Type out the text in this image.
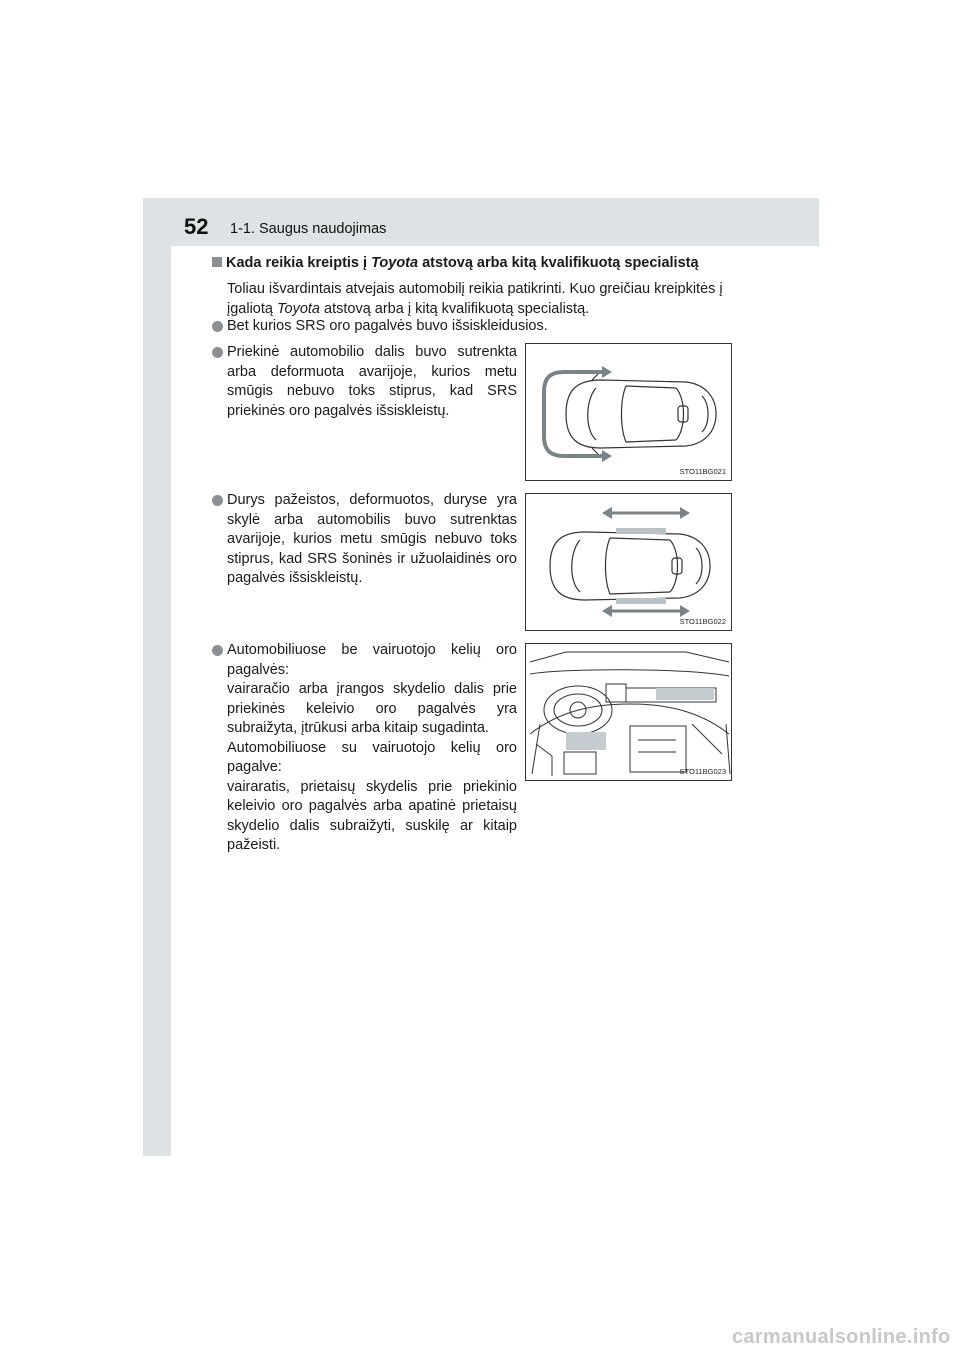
52 1-1. Saugus naudojimas
Kada reikia kreiptis į Toyota atstovą arba kitą kvalifikuotą specialistą
Toliau išvardintais atvejais automobilį reikia patikrinti. Kuo greičiau kreipkitės į
įgaliotą Toyota atstovą arba į kitą kvalifikuotą specialistą.
Bet kurios SRS oro pagalvės buvo išsiskleidusios.
Priekinė automobilio dalis buvo sutrenkta arba deformuota avarijoje, kurios metu smūgis nebuvo toks stiprus, kad SRS priekinės oro pagalvės išsiskleistų.
Durys pažeistos, deformuotos, duryse yra skylė arba automobilis buvo sutrenktas avarijoje, kurios metu smūgis nebuvo toks stiprus, kad SRS šoninės ir užuolaidinės oro pagalvės išsiskleistų.
Automobiliuose be vairuotojo kelių oro pagalvės:
vairaračio arba įrangos skydelio dalis prie priekinės keleivio oro pagalvės yra subraižyta, įtrūkusi arba kitaip sugadinta.
Automobiliuose su vairuotojo kelių oro pagalve:
vairaratis, prietaisų skydelis prie priekinio keleivio oro pagalvės arba apatinė prietaisų skydelio dalis subraižyti, suskilę ar kitaip pažeisti.
STO11BG021
STO11BG022
STO11BG023
carmanualsonline.info
